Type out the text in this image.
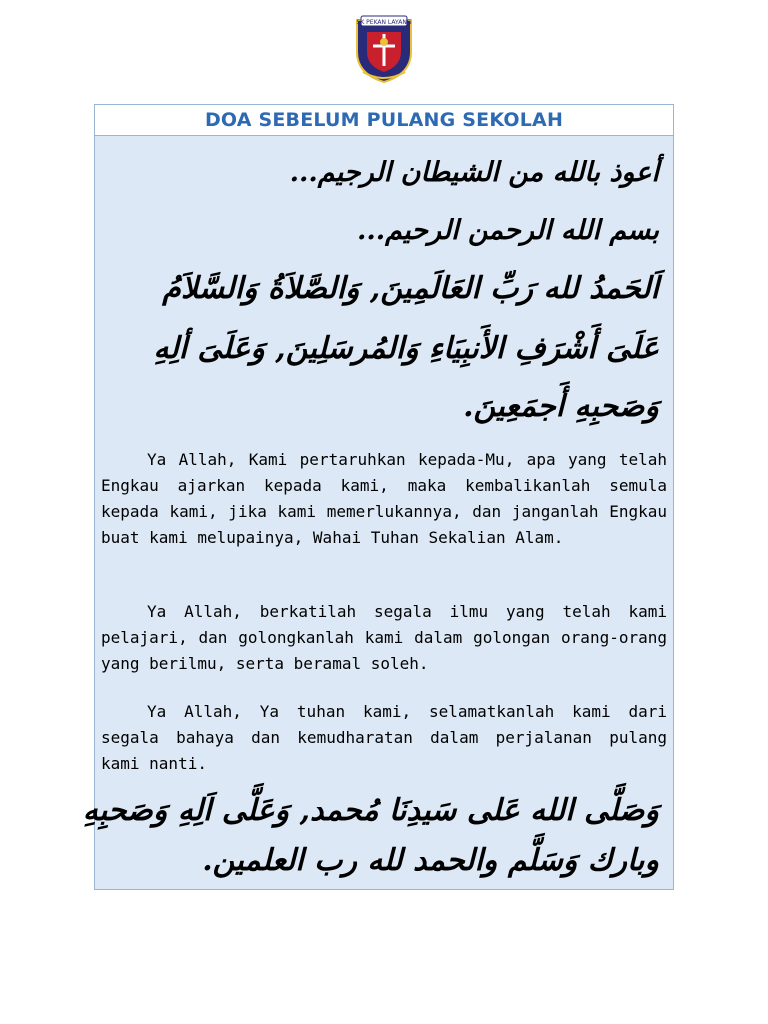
SK PEKAN LAYANG
DOA SEBELUM PULANG SEKOLAH

أعوذ بالله من الشيطان الرجيم...

بسم الله الرحمن الرحيم...

اَلحَمدُ لله رَبِّ العَالَمِينَ, وَالصَّلاَةُ وَالسَّلاَمُ

عَلَىَ أَشْرَفِ الأَنبِيَاءِ وَالمُرسَلِينَ, وَعَلَىَ ألِهِ

وَصَحبِهِ أَجمَعِينَ.

Ya Allah, Kami pertaruhkan kepada-Mu, apa yang telah Engkau ajarkan kepada kami, maka kembalikanlah semula kepada kami, jika kami memerlukannya, dan janganlah Engkau buat kami melupainya, Wahai Tuhan Sekalian Alam.

Ya Allah, berkatilah segala ilmu yang telah kami pelajari, dan golongkanlah kami dalam golongan orang-orang yang berilmu, serta beramal soleh.

Ya Allah, Ya tuhan kami, selamatkanlah kami dari segala bahaya dan kemudharatan dalam perjalanan pulang kami nanti.

وَصَلَّى الله عَلى سَيدِنَا مُحمد, وَعَلَّى اَلِهِ وَصَحبِهِ

وبارك وَسَلَّم والحمد لله رب العلمين.
